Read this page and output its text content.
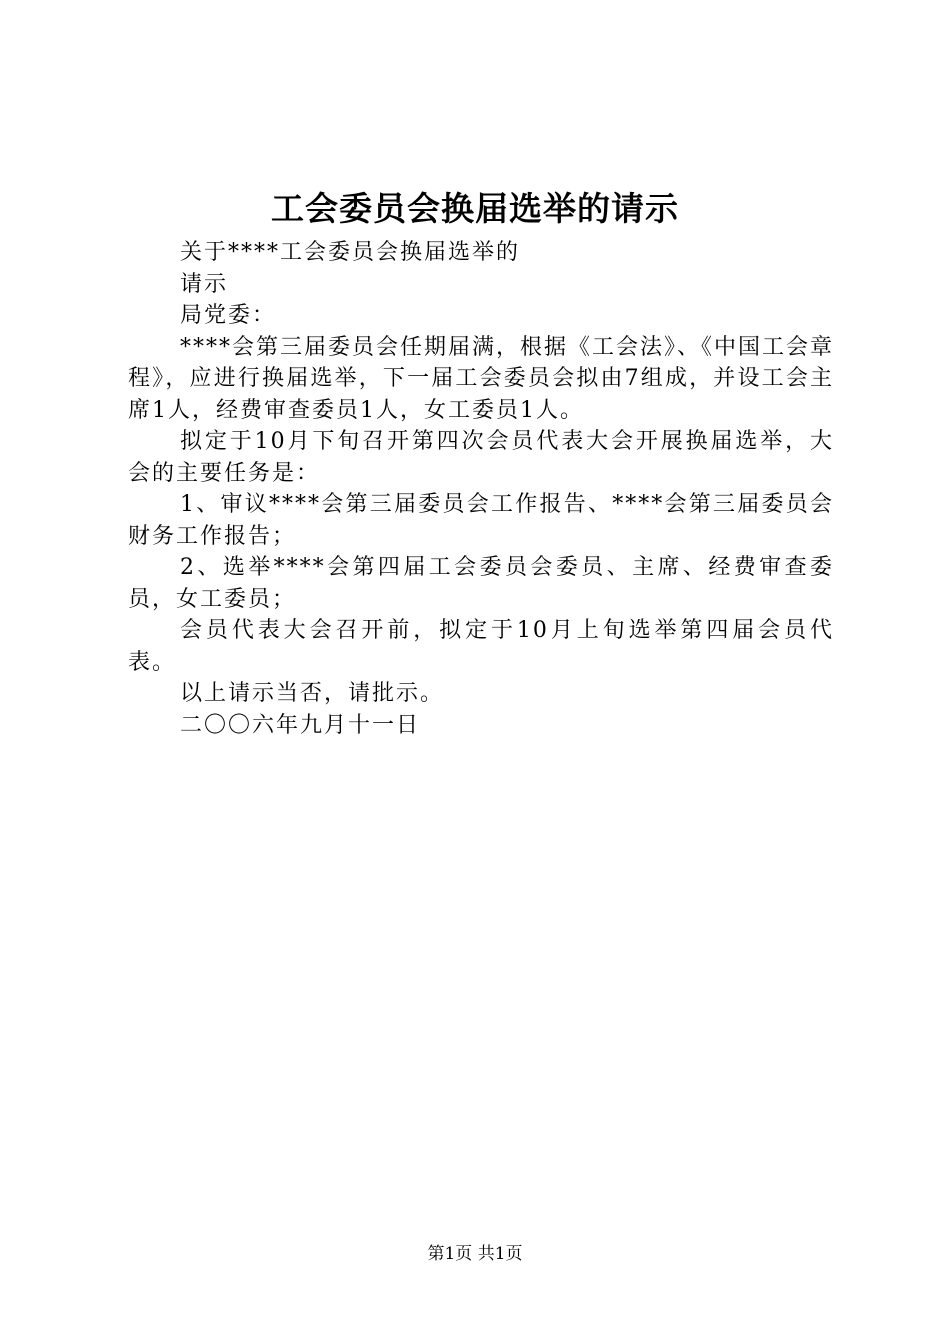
工会委员会换届选举的请示

关于****工会委员会换届选举的

请示

局党委：

****会第三届委员会任期届满，根据《工会法》、《中国工会章程》，应进行换届选举，下一届工会委员会拟由7组成，并设工会主席1人，经费审查委员1人，女工委员1人。

拟定于10月下旬召开第四次会员代表大会开展换届选举，大会的主要任务是：

1、审议****会第三届委员会工作报告、****会第三届委员会财务工作报告；

2、选举****会第四届工会委员会委员、主席、经费审查委员，女工委员；

会员代表大会召开前，拟定于10月上旬选举第四届会员代表。

以上请示当否，请批示。

二〇〇六年九月十一日

第1页 共1页
